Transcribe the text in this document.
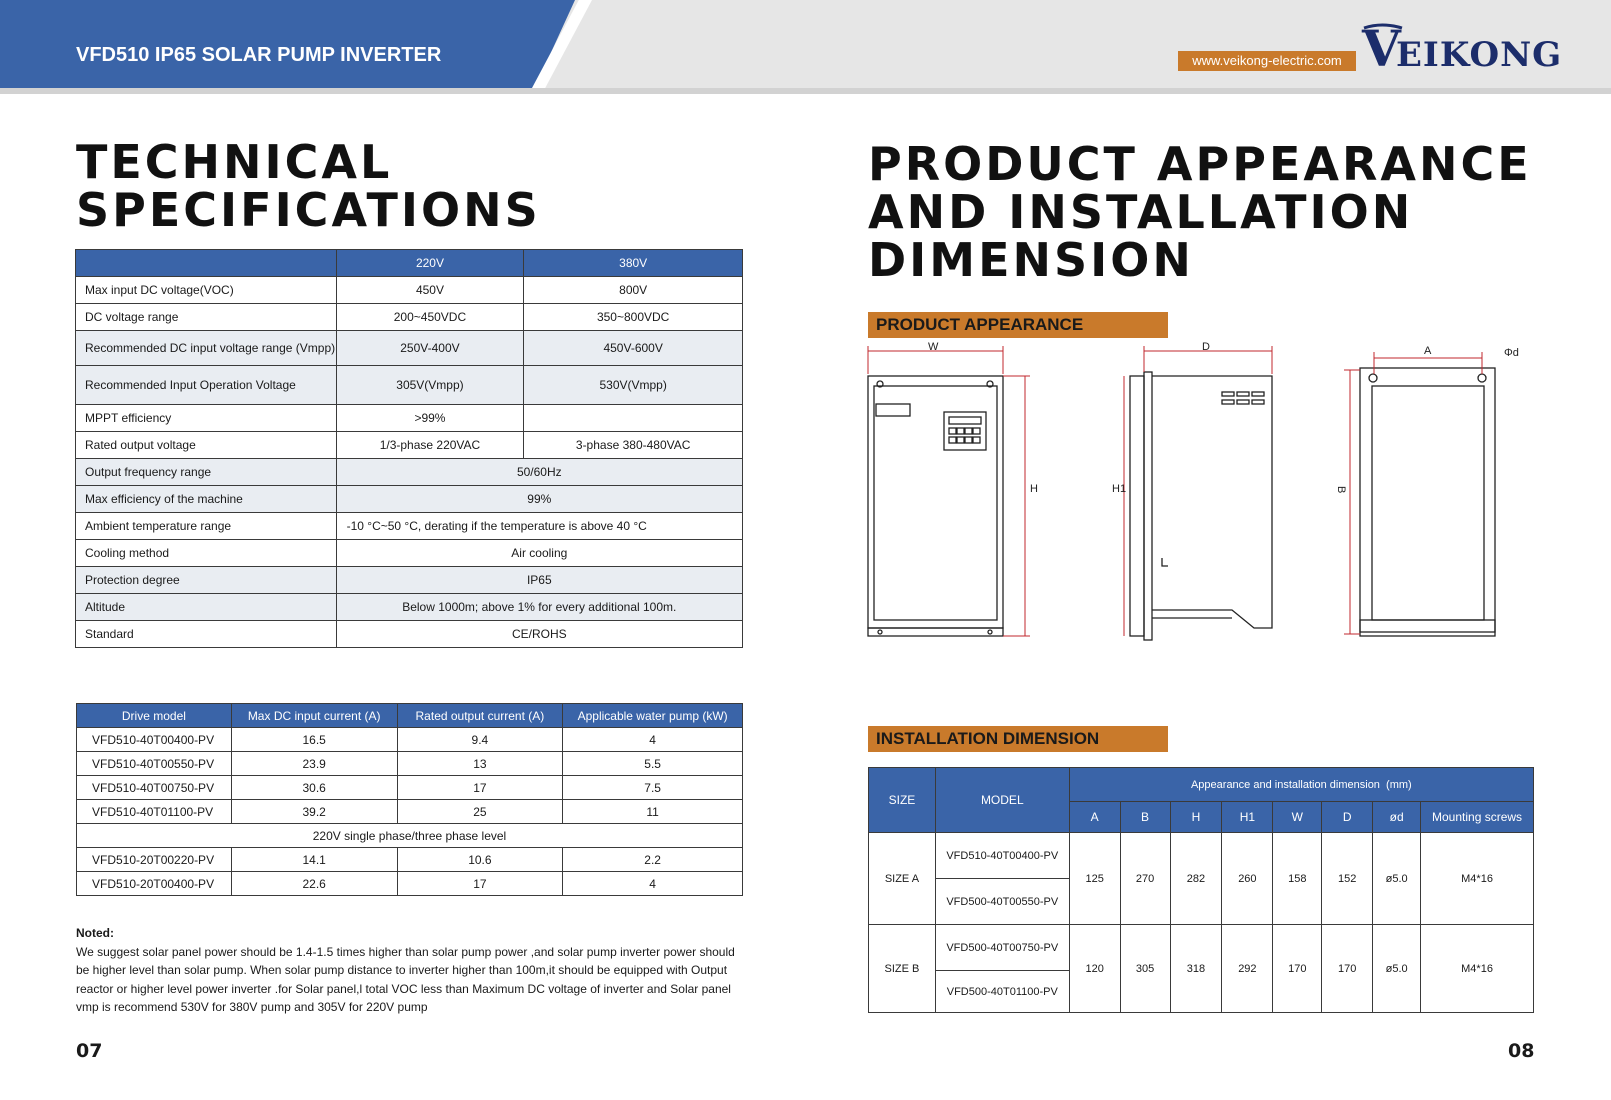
VFD510 IP65 SOLAR PUMP INVERTER	www.veikong-electric.com V
EIKONG
TECHNICAL
SPECIFICATIONS
	220V	380V
Max input DC voltage(VOC)	450V	800V
DC voltage range	200~450VDC	350~800VDC
Recommended DC input voltage range (Vmpp)	250V-400V	450V-600V
Recommended Input Operation Voltage	305V(Vmpp)	530V(Vmpp)
MPPT efficiency	>99%	
Rated output voltage	1/3-phase 220VAC	3-phase 380-480VAC
Output frequency range	50/60Hz	
Max efficiency of the machine	99%	
Ambient temperature range	-10 °C~50 °C, derating if the temperature is above 40 °C	
Cooling method	Air cooling	
Protection degree	IP65	
Altitude	Below 1000m; above 1% for every additional 100m.	
Standard	CE/ROHS	
Drive model	Max DC input current (A)	Rated output current (A)	Applicable water pump (kW)
VFD510-40T00400-PV	16.5	9.4	4
VFD510-40T00550-PV	23.9	13	5.5
VFD510-40T00750-PV	30.6	17	7.5
VFD510-40T01100-PV	39.2	25	11
220V single phase/three phase level			
VFD510-20T00220-PV	14.1	10.6	2.2
VFD510-20T00400-PV	22.6	17	4
Noted:
We suggest solar panel power should be 1.4-1.5 times higher than solar pump power ,and solar pump inverter power should be higher level than solar pump. When solar pump distance to inverter higher than 100m,it should be equipped with Output reactor or higher level power inverter .for Solar panel,l total VOC less than Maximum DC voltage of inverter and Solar panel vmp is recommend 530V for 380V pump and 305V for 220V pump
07
PRODUCT APPEARANCE
AND INSTALLATION
DIMENSION
PRODUCT APPEARANCE
W
H
D
H1
A
B
Φd
INSTALLATION DIMENSION
SIZE	MODEL	Appearance and installation dimension  (mm)							
		A	B	H	H1	W	D	ød	Mounting screws
SIZE A	VFD510-40T00400-PV	125	270	282	260	158	152	ø5.0	M4*16
	VFD500-40T00550-PV								
SIZE B	VFD500-40T00750-PV	120	305	318	292	170	170	ø5.0	M4*16
	VFD500-40T01100-PV								
08
